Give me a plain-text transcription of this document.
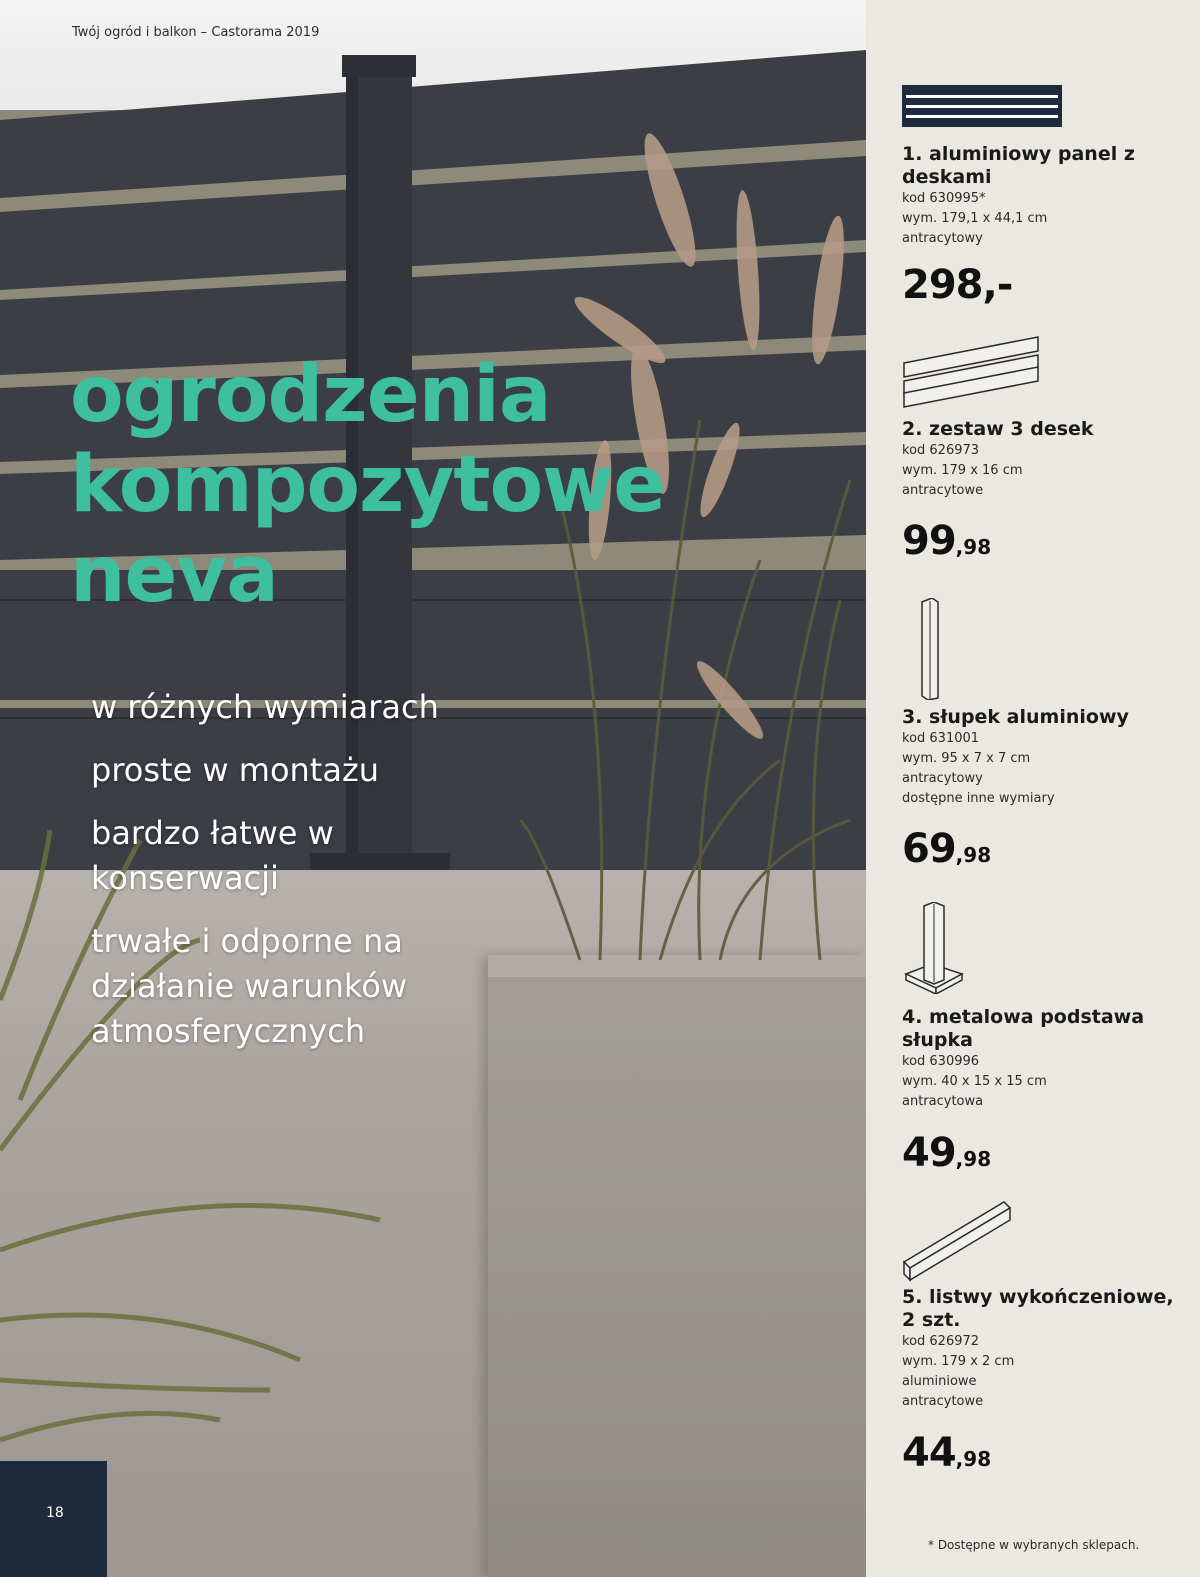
Twój ogród i balkon – Castorama 2019
ogrodzenia
kompozytowe
neva
w różnych wymiarach
proste w montażu
bardzo łatwe w konserwacji
trwałe i odporne na działanie warunków atmosferycznych
18

1. aluminiowy panel z deskami

kod 630995*

wym. 179,1 x 44,1 cm

antracytowy

298,-

2. zestaw 3 desek

kod 626973

wym. 179 x 16 cm

antracytowe

99,98

3. słupek aluminiowy

kod 631001

wym. 95 x 7 x 7 cm

antracytowy

dostępne inne wymiary

69,98

4. metalowa podstawa słupka

kod 630996

wym. 40 x 15 x 15 cm

antracytowa

49,98

5. listwy wykończeniowe, 2 szt.

kod 626972

wym. 179 x 2 cm

aluminiowe

antracytowe

44,98
* Dostępne w wybranych sklepach.
